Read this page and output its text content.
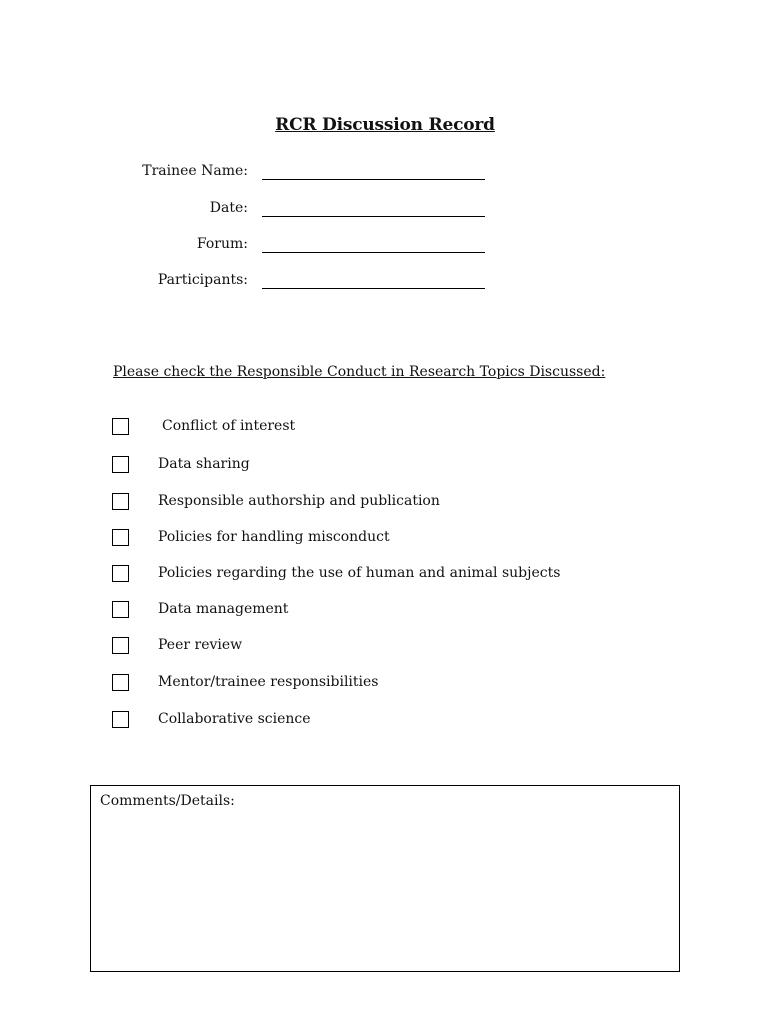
RCR Discussion Record
Trainee Name:
Date:
Forum:
Participants:
Please check the Responsible Conduct in Research Topics Discussed:
Conflict of interest
Data sharing
Responsible authorship and publication
Policies for handling misconduct
Policies regarding the use of human and animal subjects
Data management
Peer review
Mentor/trainee responsibilities
Collaborative science
Comments/Details:
